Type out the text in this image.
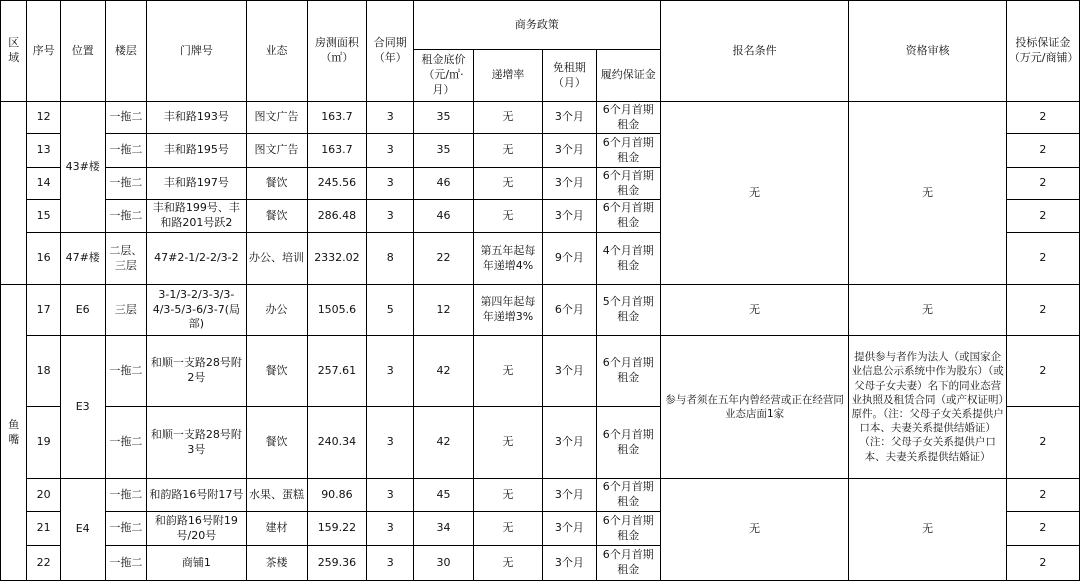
区域	序号	位置	楼层	门牌号	业态	房测面积（㎡）	合同期（年）	商务政策				报名条件	资格审核	投标保证金（万元/商铺）
								租金底价（元/㎡·月）	递增率	免租期（月）	履约保证金			
	12	43#楼	一拖二	丰和路193号	图文广告	163.7	3	35	无	3个月	6个月首期租金	无	无	2
	13		一拖二	丰和路195号	图文广告	163.7	3	35	无	3个月	6个月首期租金			2
	14		一拖二	丰和路197号	餐饮	245.56	3	46	无	3个月	6个月首期租金			2
	15		一拖二	丰和路199号、丰和路201号跃2	餐饮	286.48	3	46	无	3个月	6个月首期租金			2
	16	47#楼	二层、三层	47#2-1/2-2/3-2	办公、培训	2332.02	8	22	第五年起每年递增4%	9个月	4个月首期租金			2
鱼嘴	17	E6	三层	3-1/3-2/3-3/3-4/3-5/3-6/3-7(局部)	办公	1505.6	5	12	第四年起每年递增3%	6个月	5个月首期租金	无	无	2
	18	E3	一拖二	和顺一支路28号附2号	餐饮	257.61	3	42	无	3个月	6个月首期租金	参与者须在五年内曾经营或正在经营同业态店面1家	提供参与者作为法人（或国家企业信息公示系统中作为股东）（或父母子女夫妻）名下的同业态营业执照及租赁合同（或产权证明）原件。（注：父母子女关系提供户口本、夫妻关系提供结婚证）（注：父母子女关系提供户口本、夫妻关系提供结婚证）	2
	19		一拖二	和顺一支路28号附3号	餐饮	240.34	3	42	无	3个月	6个月首期租金			2
	20	E4	一拖二	和韵路16号附17号	水果、蛋糕	90.86	3	45	无	3个月	6个月首期租金	无	无	2
	21		一拖二	和韵路16号附19号/20号	建材	159.22	3	34	无	3个月	6个月首期租金			2
	22		一拖二	商铺1	茶楼	259.36	3	30	无	3个月	6个月首期租金			2
